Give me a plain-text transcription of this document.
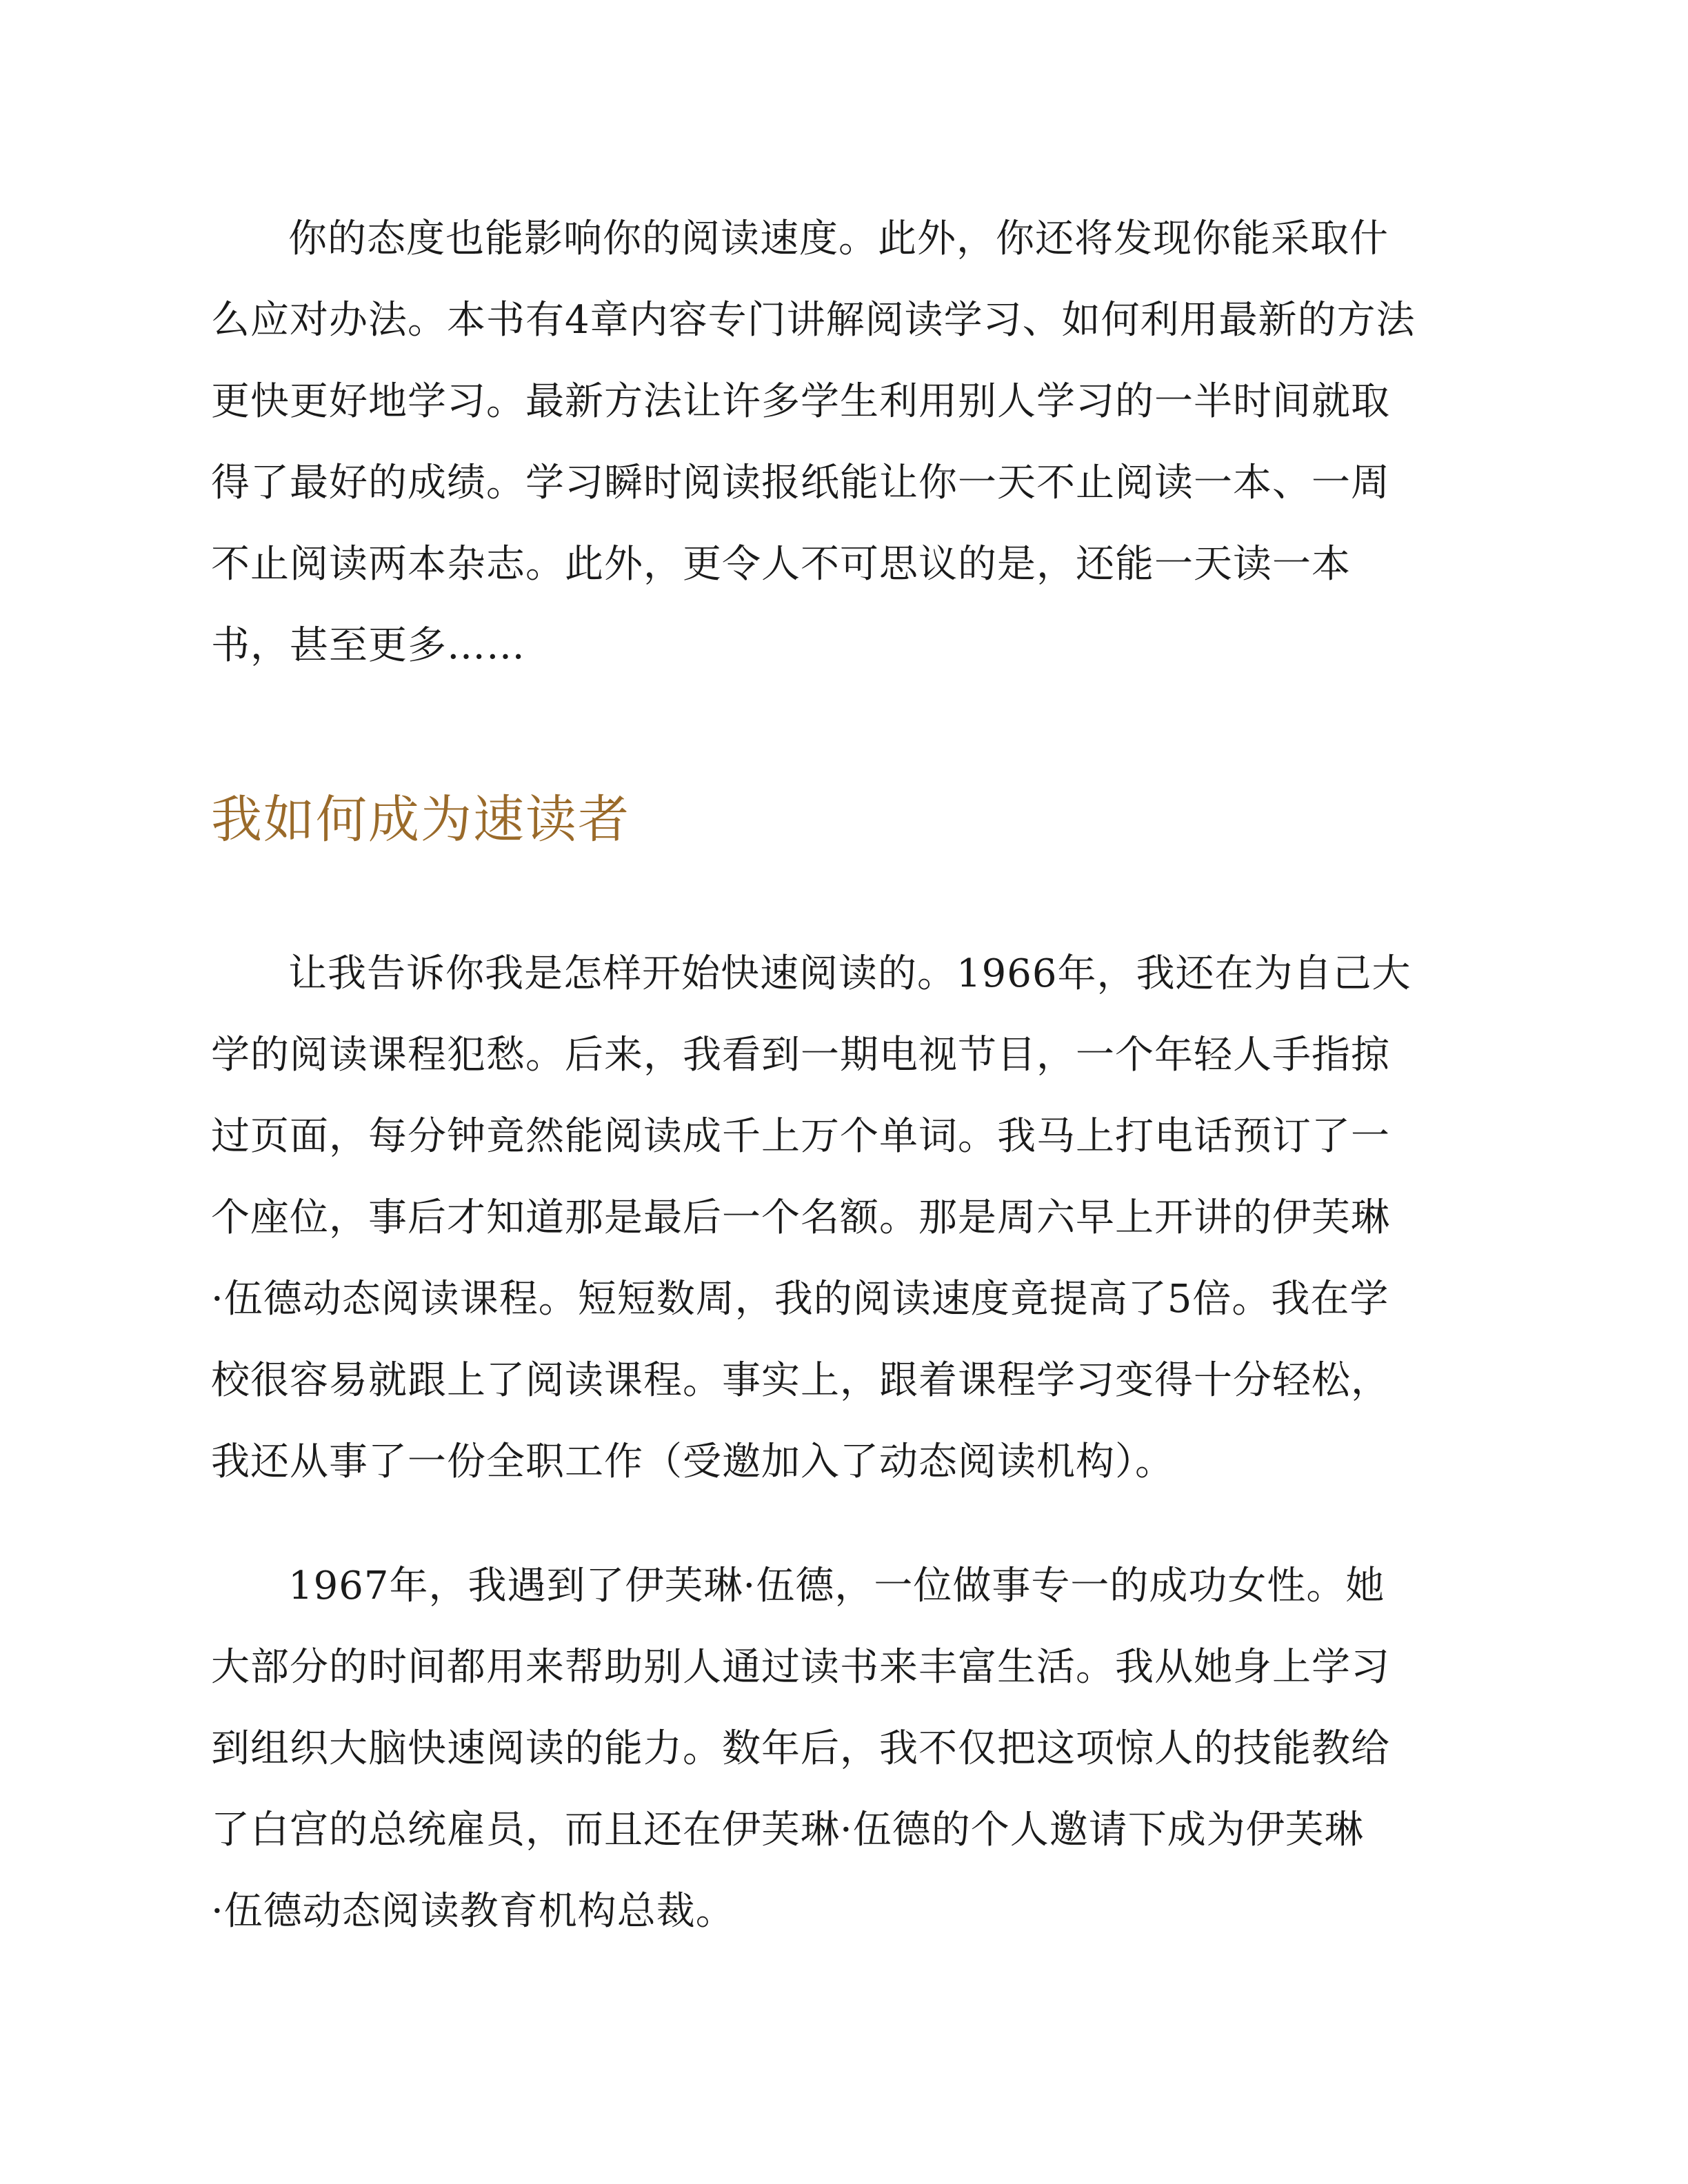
你的态度也能影响你的阅读速度。此外，你还将发现你能采取什
么应对办法。本书有4章内容专门讲解阅读学习、如何利用最新的方法
更快更好地学习。最新方法让许多学生利用别人学习的一半时间就取
得了最好的成绩。学习瞬时阅读报纸能让你一天不止阅读一本、一周
不止阅读两本杂志。此外，更令人不可思议的是，还能一天读一本
书，甚至更多……

我如何成为速读者

让我告诉你我是怎样开始快速阅读的。1966年，我还在为自己大
学的阅读课程犯愁。后来，我看到一期电视节目，一个年轻人手指掠
过页面，每分钟竟然能阅读成千上万个单词。我马上打电话预订了一
个座位，事后才知道那是最后一个名额。那是周六早上开讲的伊芙琳
·伍德动态阅读课程。短短数周，我的阅读速度竟提高了5倍。我在学
校很容易就跟上了阅读课程。事实上，跟着课程学习变得十分轻松，
我还从事了一份全职工作（受邀加入了动态阅读机构）。

1967年，我遇到了伊芙琳·伍德，一位做事专一的成功女性。她
大部分的时间都用来帮助别人通过读书来丰富生活。我从她身上学习
到组织大脑快速阅读的能力。数年后，我不仅把这项惊人的技能教给
了白宫的总统雇员，而且还在伊芙琳·伍德的个人邀请下成为伊芙琳
·伍德动态阅读教育机构总裁。
